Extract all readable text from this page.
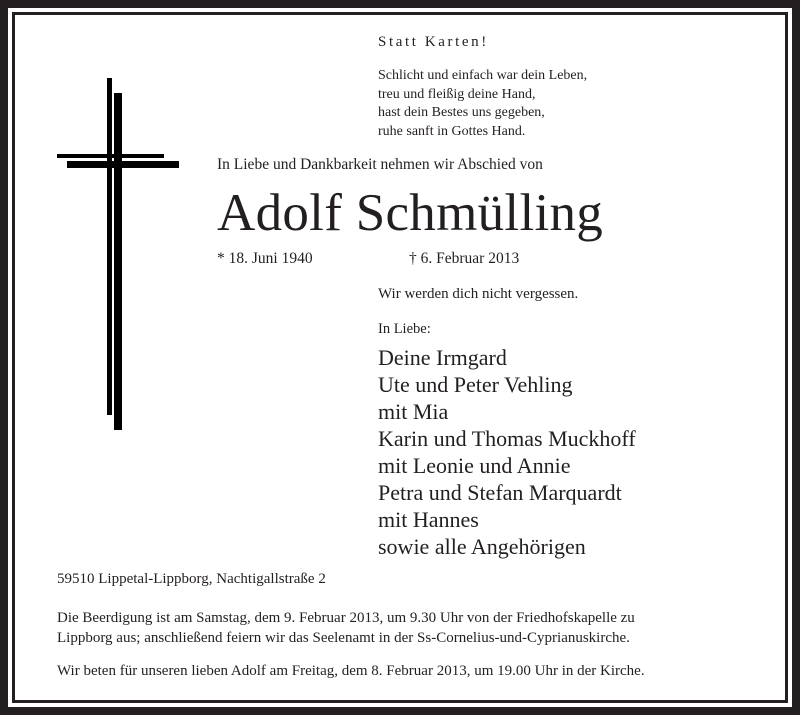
Statt Karten!
Schlicht und einfach war dein Leben,
treu und fleißig deine Hand,
hast dein Bestes uns gegeben,
ruhe sanft in Gottes Hand.
In Liebe und Dankbarkeit nehmen wir Abschied von
Adolf Schmülling
* 18. Juni 1940	† 6. Februar 2013
Wir werden dich nicht vergessen.
In Liebe:
Deine Irmgard
Ute und Peter Vehling
mit Mia
Karin und Thomas Muckhoff
mit Leonie und Annie
Petra und Stefan Marquardt
mit Hannes
sowie alle Angehörigen
59510 Lippetal-Lippborg, Nachtigallstraße 2
Die Beerdigung ist am Samstag, dem 9. Februar 2013, um 9.30 Uhr von der Friedhofskapelle zu
Lippborg aus; anschließend feiern wir das Seelenamt in der Ss-Cornelius-und-Cyprianuskirche.
Wir beten für unseren lieben Adolf am Freitag, dem 8. Februar 2013, um 19.00 Uhr in der Kirche.
